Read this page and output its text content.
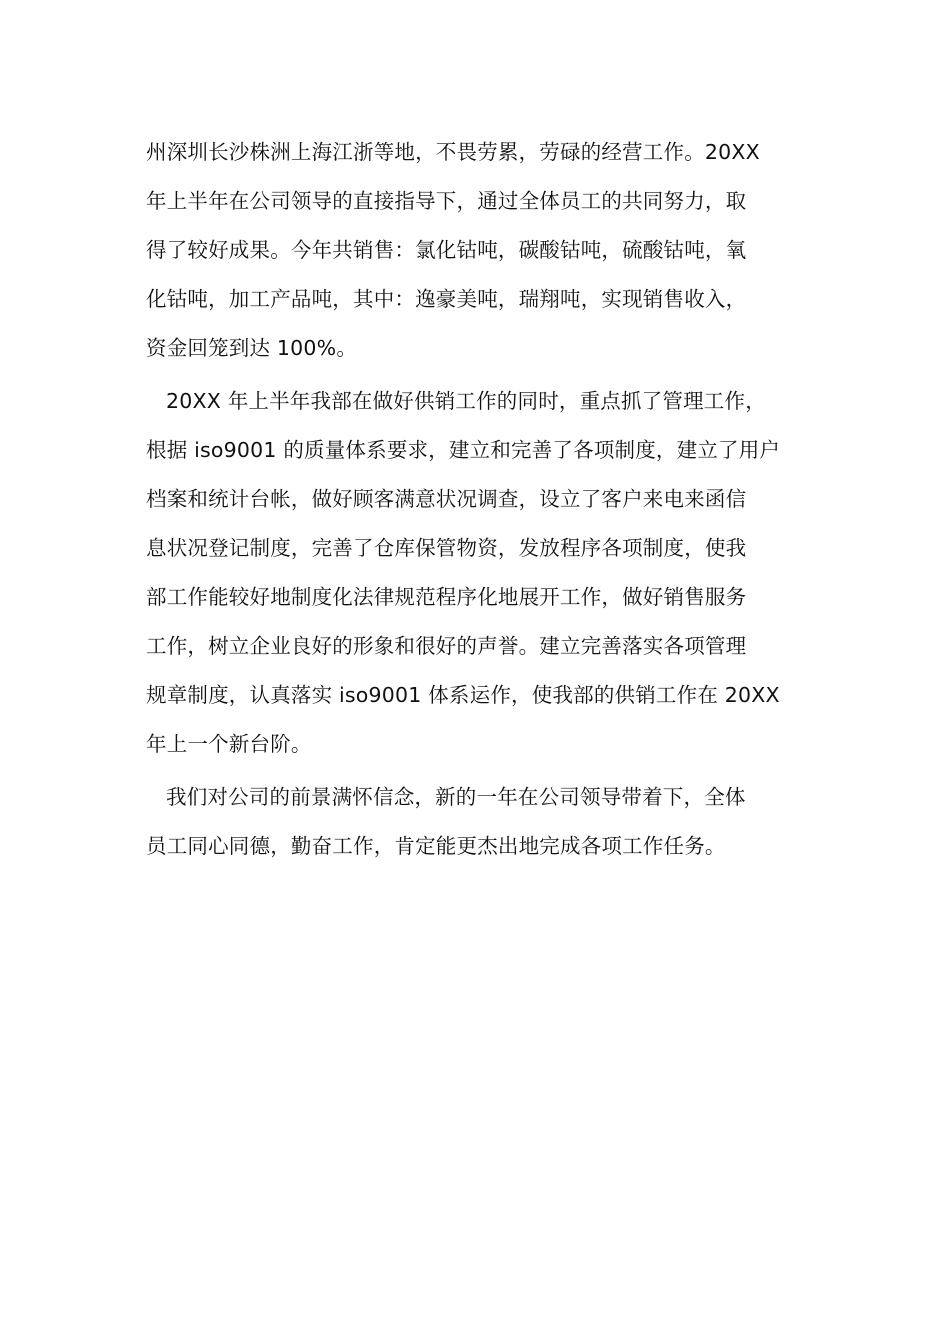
州深圳长沙株洲上海江浙等地，不畏劳累，劳碌的经营工作。20XX
年上半年在公司领导的直接指导下，通过全体员工的共同努力，取
得了较好成果。今年共销售：氯化钴吨，碳酸钴吨，硫酸钴吨，氧
化钴吨，加工产品吨，其中：逸豪美吨，瑞翔吨，实现销售收入，
资金回笼到达 100%。
20XX 年上半年我部在做好供销工作的同时，重点抓了管理工作，
根据 iso9001 的质量体系要求，建立和完善了各项制度，建立了用户
档案和统计台帐，做好顾客满意状况调查，设立了客户来电来函信
息状况登记制度，完善了仓库保管物资，发放程序各项制度，使我
部工作能较好地制度化法律规范程序化地展开工作，做好销售服务
工作，树立企业良好的形象和很好的声誉。建立完善落实各项管理
规章制度，认真落实 iso9001 体系运作，使我部的供销工作在 20XX
年上一个新台阶。
我们对公司的前景满怀信念，新的一年在公司领导带着下，全体
员工同心同德，勤奋工作，肯定能更杰出地完成各项工作任务。
